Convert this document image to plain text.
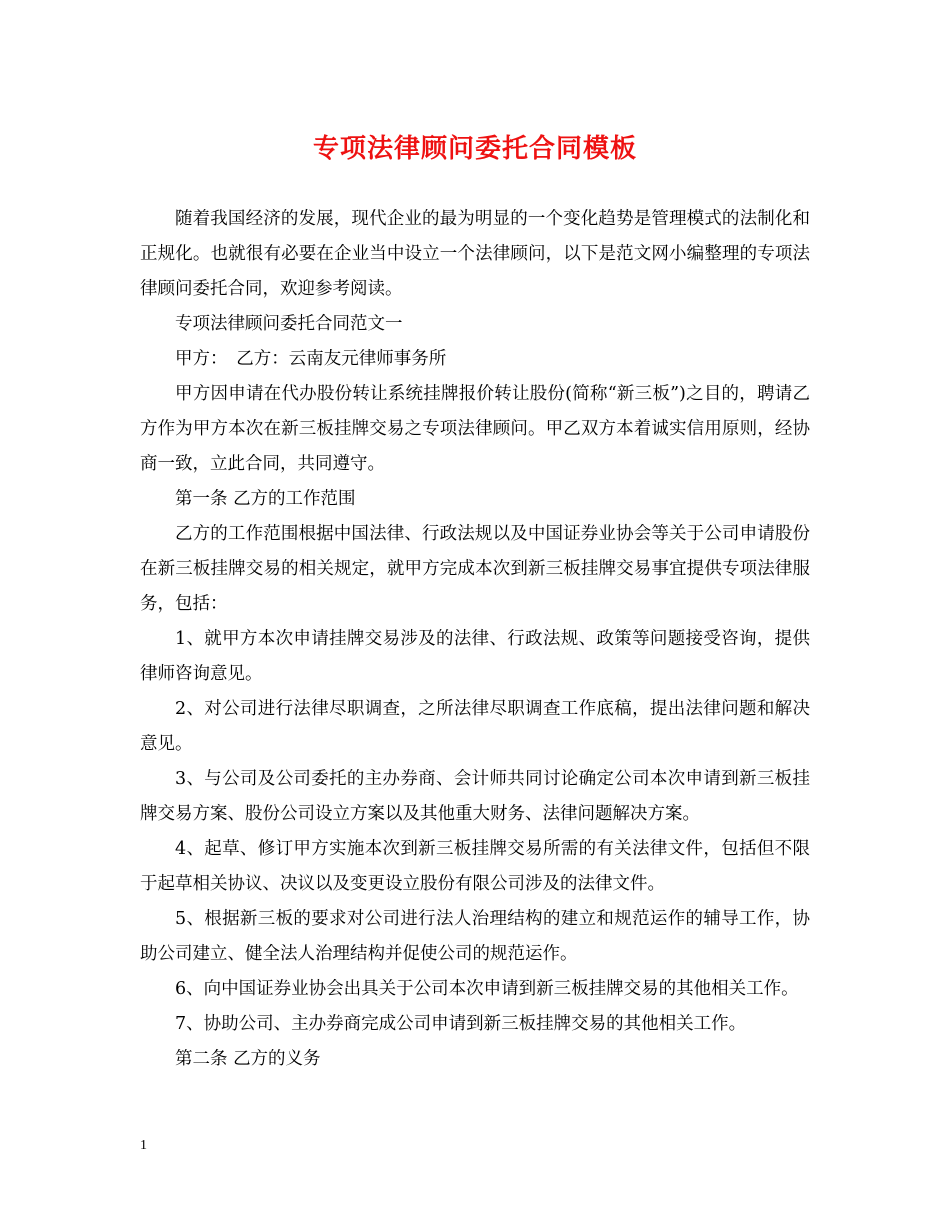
专项法律顾问委托合同模板

随着我国经济的发展，现代企业的最为明显的一个变化趋势是管理模式的法制化和正规化。也就很有必要在企业当中设立一个法律顾问，以下是范文网小编整理的专项法律顾问委托合同，欢迎参考阅读。

专项法律顾问委托合同范文一

甲方：　乙方：云南友元律师事务所

甲方因申请在代办股份转让系统挂牌报价转让股份(简称“新三板”)之目的，聘请乙方作为甲方本次在新三板挂牌交易之专项法律顾问。甲乙双方本着诚实信用原则，经协商一致，立此合同，共同遵守。

第一条 乙方的工作范围

乙方的工作范围根据中国法律、行政法规以及中国证券业协会等关于公司申请股份在新三板挂牌交易的相关规定，就甲方完成本次到新三板挂牌交易事宜提供专项法律服务，包括：

1、就甲方本次申请挂牌交易涉及的法律、行政法规、政策等问题接受咨询，提供律师咨询意见。

2、对公司进行法律尽职调查，之所法律尽职调查工作底稿，提出法律问题和解决意见。

3、与公司及公司委托的主办券商、会计师共同讨论确定公司本次申请到新三板挂牌交易方案、股份公司设立方案以及其他重大财务、法律问题解决方案。

4、起草、修订甲方实施本次到新三板挂牌交易所需的有关法律文件，包括但不限于起草相关协议、决议以及变更设立股份有限公司涉及的法律文件。

5、根据新三板的要求对公司进行法人治理结构的建立和规范运作的辅导工作，协助公司建立、健全法人治理结构并促使公司的规范运作。

6、向中国证券业协会出具关于公司本次申请到新三板挂牌交易的其他相关工作。

7、协助公司、主办券商完成公司申请到新三板挂牌交易的其他相关工作。

第二条 乙方的义务

1
